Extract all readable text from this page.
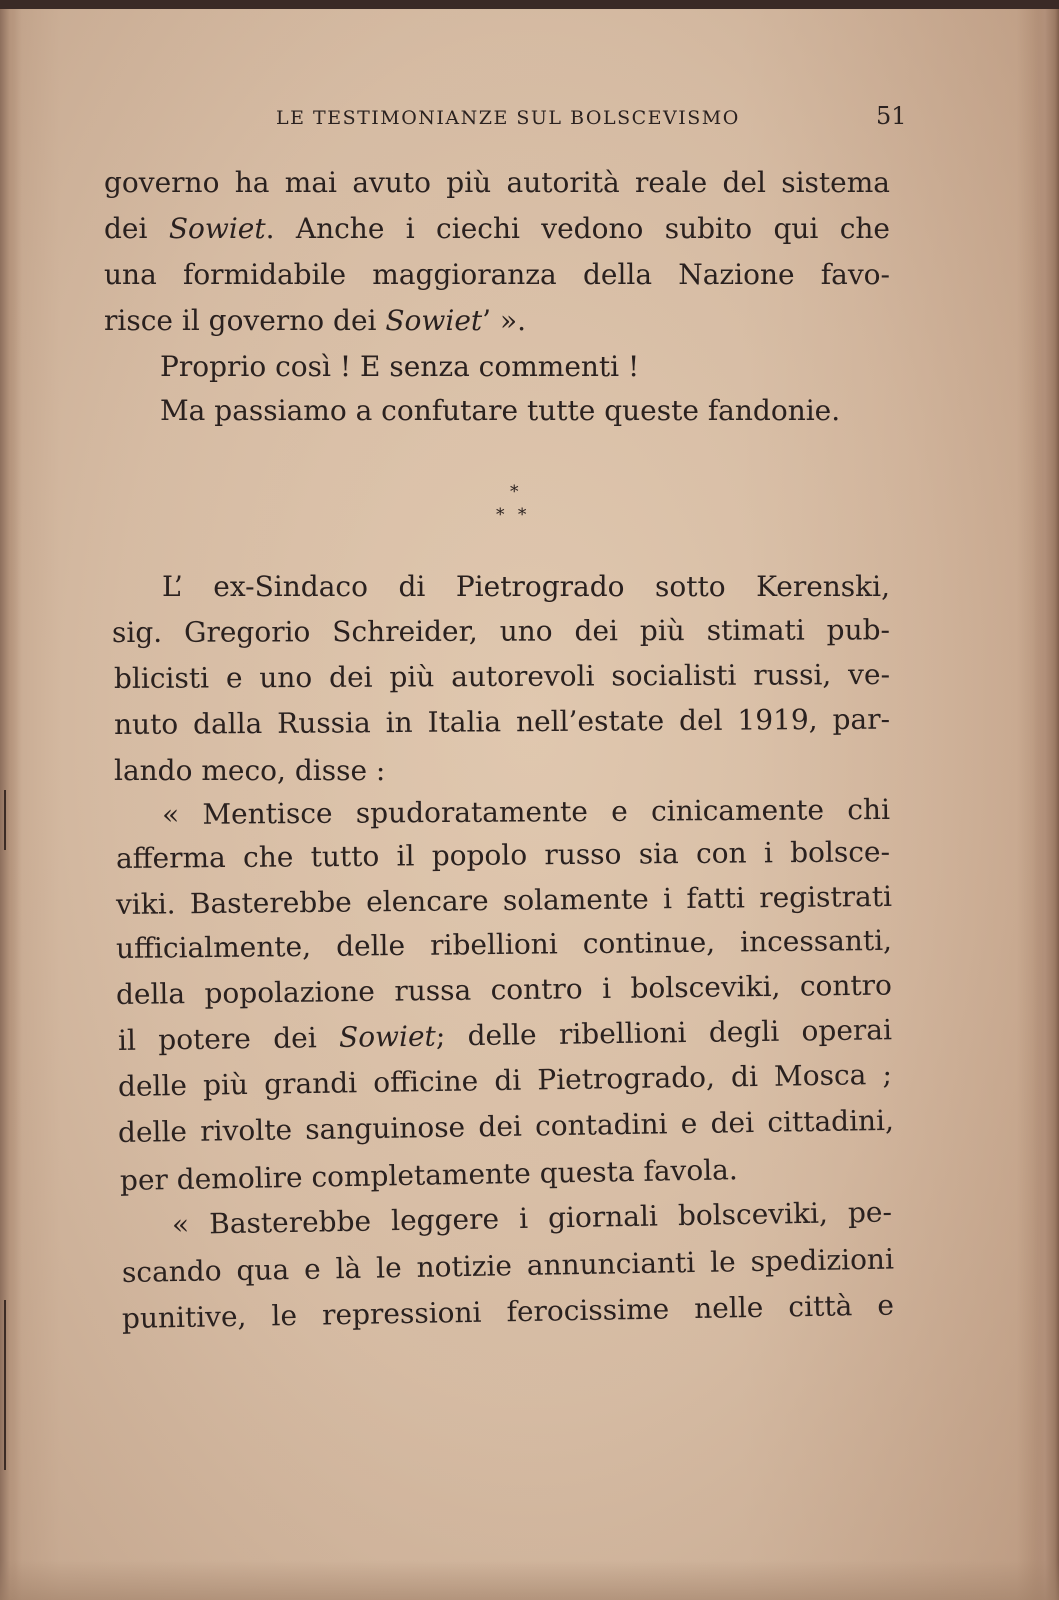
LE TESTIMONIANZE SUL BOLSCEVISMO	51
governo ha mai avuto più autorità reale del sistema
dei Sowiet. Anche i ciechi vedono subito qui che
una formidabile maggioranza della Nazione favo-
risce il governo dei Sowiet’ ».
Proprio così ! E senza commenti !
Ma passiamo a confutare tutte queste fandonie.
*
* *
L’ ex-Sindaco di Pietrogrado sotto Kerenski,
sig. Gregorio Schreider, uno dei più stimati pub-
blicisti e uno dei più autorevoli socialisti russi, ve-
nuto dalla Russia in Italia nell’estate del 1919, par-
lando meco, disse :
« Mentisce spudoratamente e cinicamente chi
afferma che tutto il popolo russo sia con i bolsce-
viki. Basterebbe elencare solamente i fatti registrati
ufficialmente, delle ribellioni continue, incessanti,
della popolazione russa contro i bolsceviki, contro
il potere dei Sowiet; delle ribellioni degli operai
delle più grandi officine di Pietrogrado, di Mosca ;
delle rivolte sanguinose dei contadini e dei cittadini,
per demolire completamente questa favola.
« Basterebbe leggere i giornali bolsceviki, pe-
scando qua e là le notizie annuncianti le spedizioni
punitive, le repressioni ferocissime nelle città e
